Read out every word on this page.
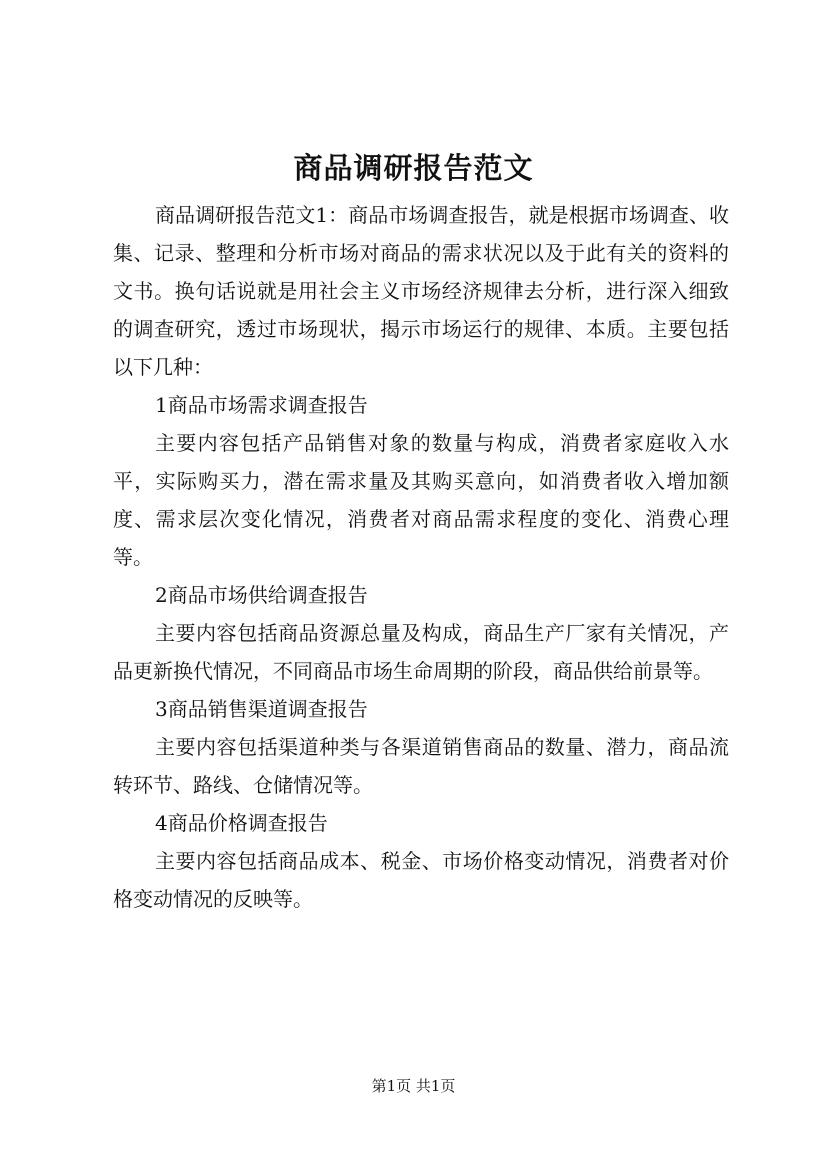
商品调研报告范文

商品调研报告范文1：商品市场调查报告，就是根据市场调查、收集、记录、整理和分析市场对商品的需求状况以及于此有关的资料的文书。换句话说就是用社会主义市场经济规律去分析，进行深入细致的调查研究，透过市场现状，揭示市场运行的规律、本质。主要包括以下几种：

1商品市场需求调查报告

主要内容包括产品销售对象的数量与构成，消费者家庭收入水平，实际购买力，潜在需求量及其购买意向，如消费者收入增加额度、需求层次变化情况，消费者对商品需求程度的变化、消费心理等。

2商品市场供给调查报告

主要内容包括商品资源总量及构成，商品生产厂家有关情况，产品更新换代情况，不同商品市场生命周期的阶段，商品供给前景等。

3商品销售渠道调查报告

主要内容包括渠道种类与各渠道销售商品的数量、潜力，商品流转环节、路线、仓储情况等。

4商品价格调查报告

主要内容包括商品成本、税金、市场价格变动情况，消费者对价格变动情况的反映等。

第1页 共1页
